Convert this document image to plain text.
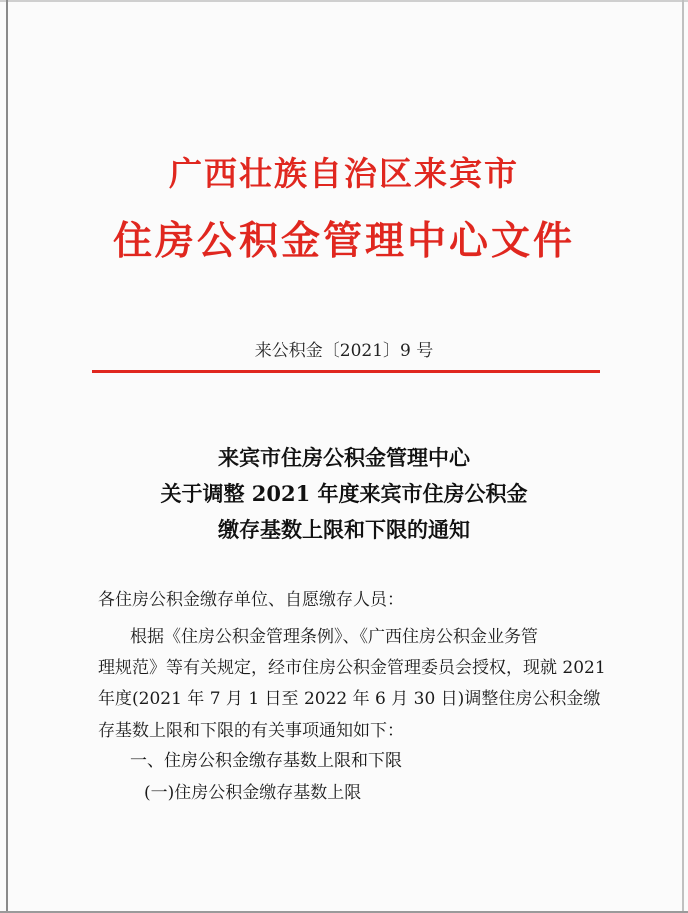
广西壮族自治区来宾市
住房公积金管理中心文件
来公积金〔2021〕9 号
来宾市住房公积金管理中心
关于调整 2021 年度来宾市住房公积金
缴存基数上限和下限的通知
各住房公积金缴存单位、自愿缴存人员：
根据《住房公积金管理条例》、《广西住房公积金业务管
理规范》等有关规定，经市住房公积金管理委员会授权，现就 2021
年度(2021 年 7 月 1 日至 2022 年 6 月 30 日)调整住房公积金缴
存基数上限和下限的有关事项通知如下：
一、住房公积金缴存基数上限和下限
(一)住房公积金缴存基数上限
